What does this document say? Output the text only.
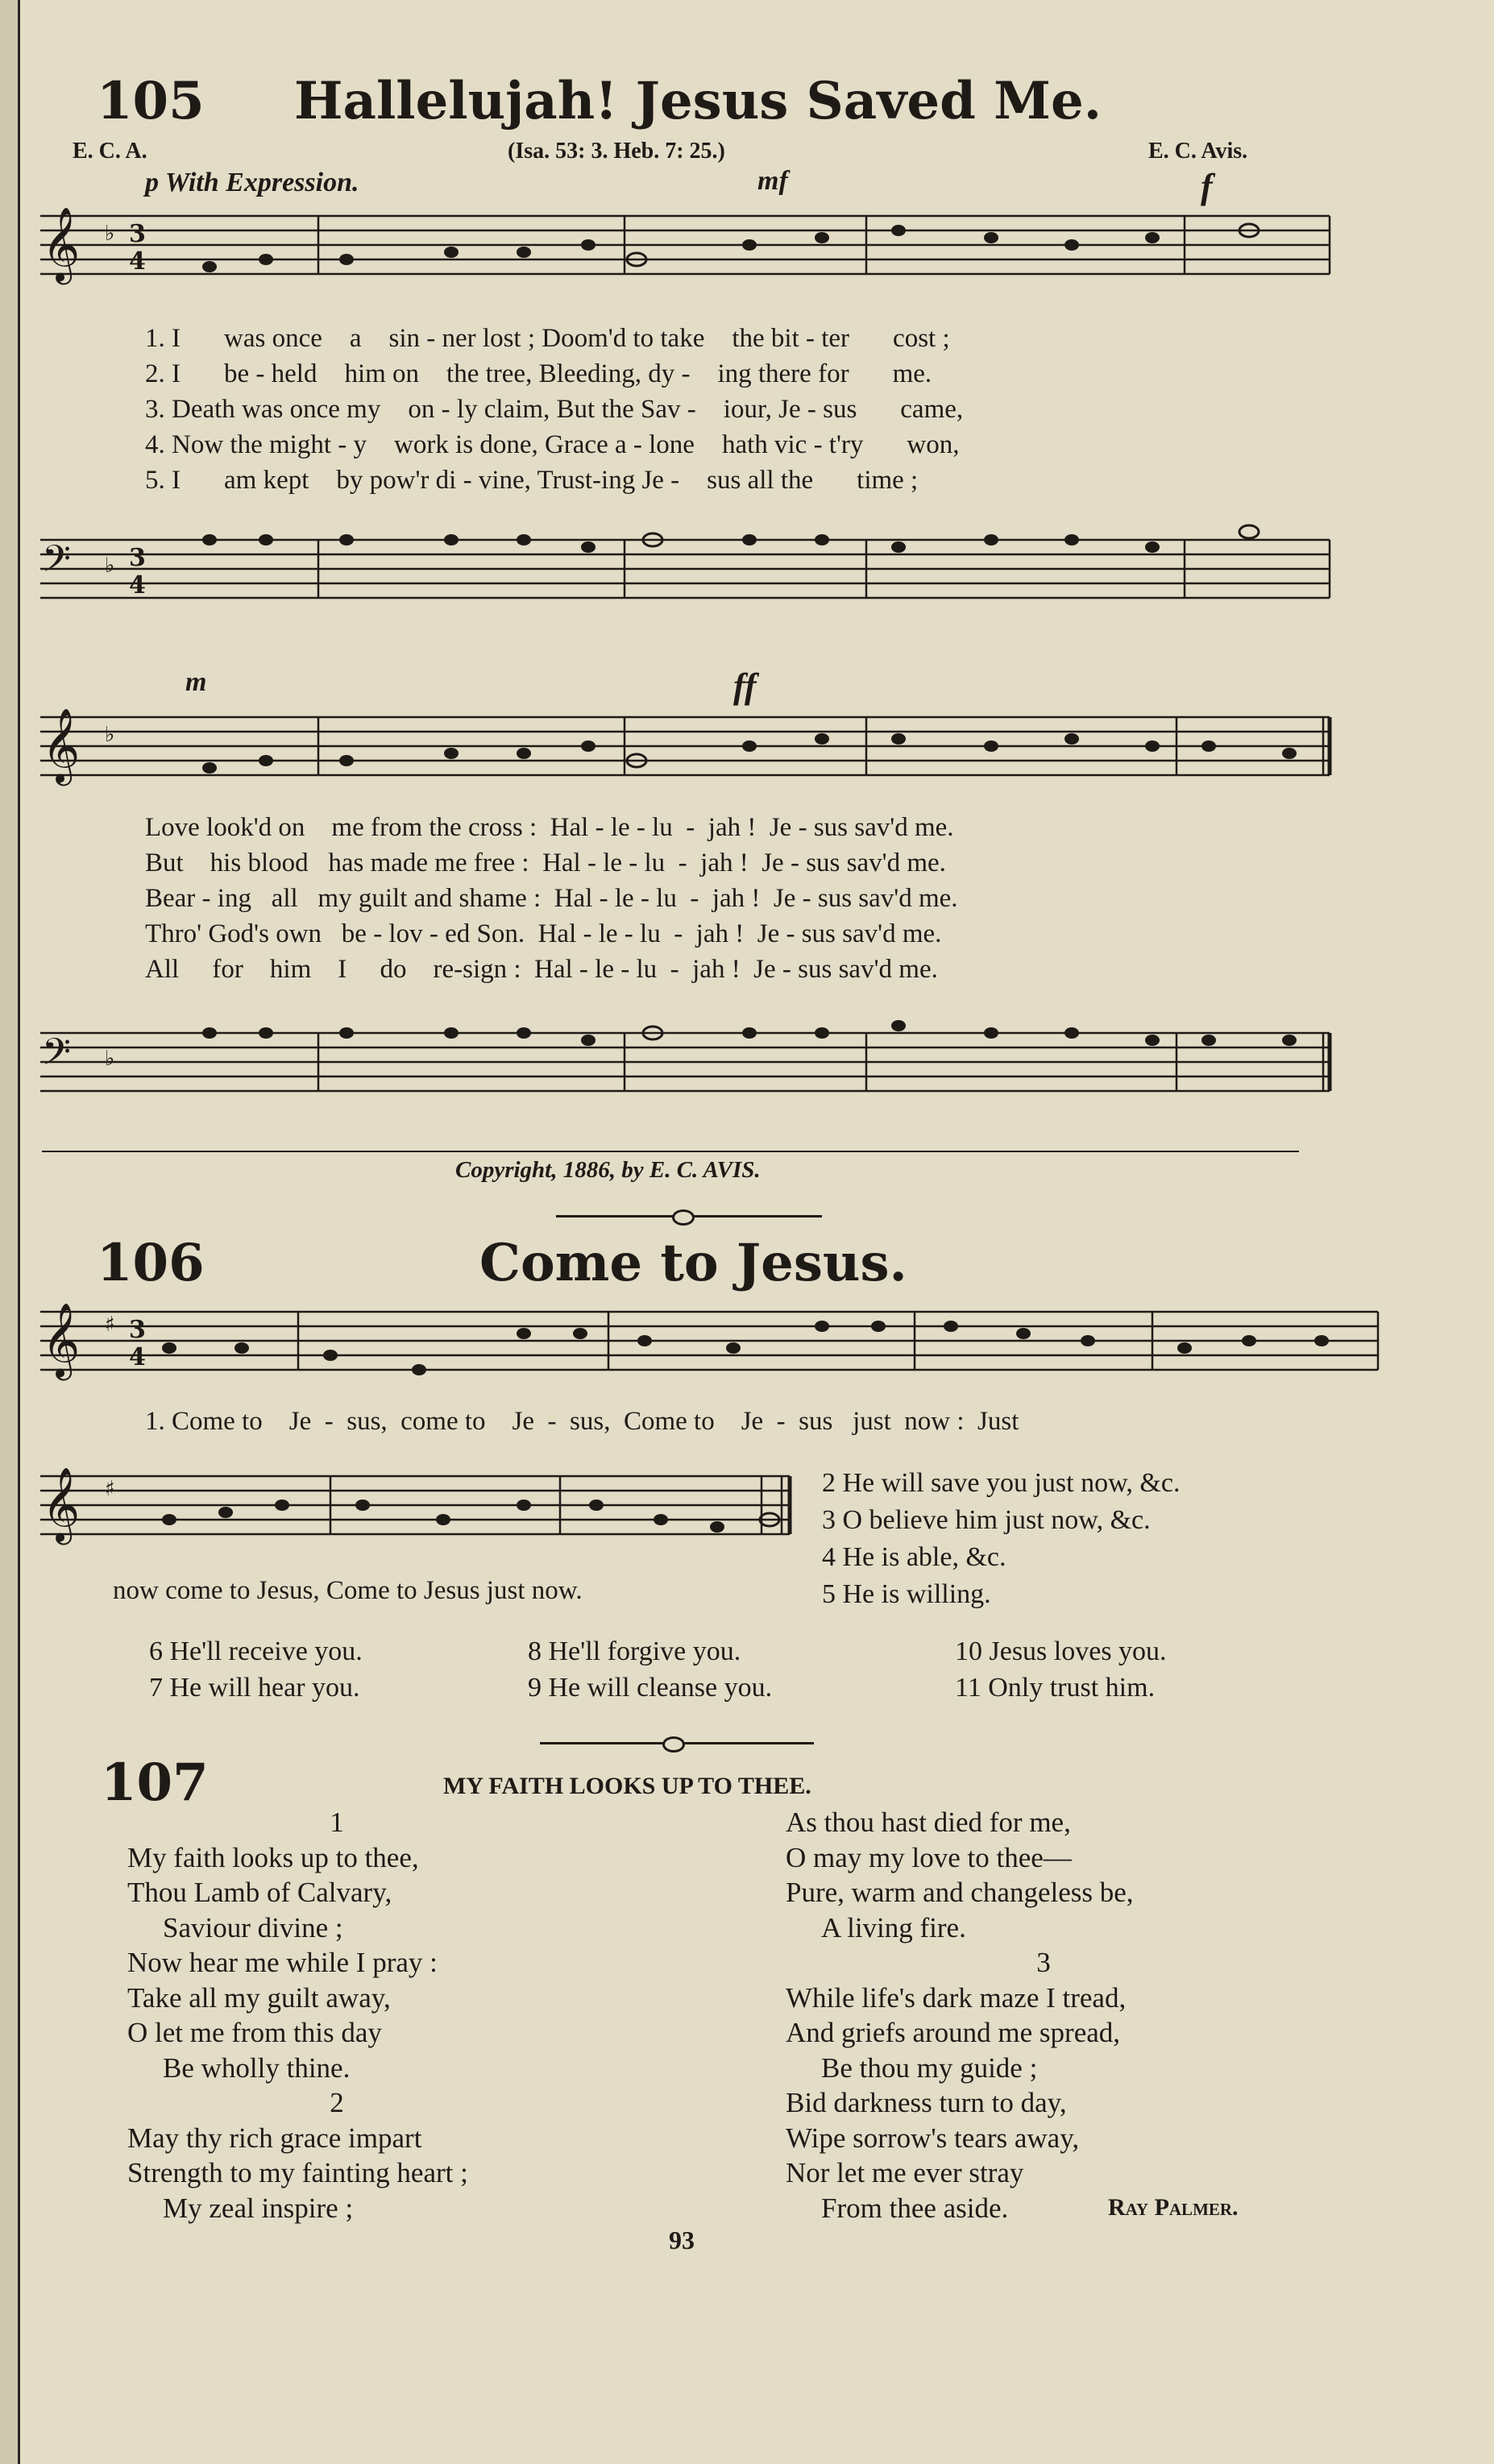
105 Hallelujah! Jesus Saved Me.
E. C. A.	(Isa. 53: 3. Heb. 7: 25.)	E. C. Avis.
p With Expression.	mf	f
𝄞 ♭ 3
4
1. I	was once	a	sin - ner lost ; Doom'd to take	the bit - ter	cost ;
2. I	be - held	him on	the tree, Bleeding, dy -	ing there for	me.
3. Death was once my	on - ly claim, But the Sav -	iour, Je - sus	came,
4. Now the might - y	work is done, Grace a - lone	hath vic - t'ry	won,
5. I	am kept	by pow'r di - vine, Trust-ing Je -	sus all the	time ;
𝄢 ♭ 3
4
m	ff
𝄞 ♭
Love look'd on    me from the cross :  Hal - le - lu  -  jah !  Je - sus sav'd me.
But    his blood   has made me free :  Hal - le - lu  -  jah !  Je - sus sav'd me.
Bear - ing   all   my guilt and shame :  Hal - le - lu  -  jah !  Je - sus sav'd me.
Thro' God's own   be - lov - ed Son.  Hal - le - lu  -  jah !  Je - sus sav'd me.
All     for    him    I     do    re-sign :  Hal - le - lu  -  jah !  Je - sus sav'd me.
𝄢 ♭
Copyright, 1886, by E. C. AVIS.
106	Come to Jesus.
𝄞 ♯ 3
4
1. Come to    Je  -  sus,  come to    Je  -  sus,  Come to    Je  -  sus   just  now :  Just
𝄞 ♯
now come to Jesus, Come to Jesus just now.
2 He will save you just now, &c.
3 O believe him just now, &c.
4 He is able, &c.
5 He is willing.
6 He'll receive you.	8 He'll forgive you.	10 Jesus loves you.
7 He will hear you.	9 He will cleanse you.	11 Only trust him.
107	MY FAITH LOOKS UP TO THEE.
1
My faith looks up to thee,
Thou Lamb of Calvary,
Saviour divine ;
Now hear me while I pray :
Take all my guilt away,
O let me from this day
Be wholly thine.
2
May thy rich grace impart
Strength to my fainting heart ;
My zeal inspire ;
As thou hast died for me,
O may my love to thee—
Pure, warm and changeless be,
A living fire.
3
While life's dark maze I tread,
And griefs around me spread,
Be thou my guide ;
Bid darkness turn to day,
Wipe sorrow's tears away,
Nor let me ever stray
From thee aside.	Ray Palmer.
93
